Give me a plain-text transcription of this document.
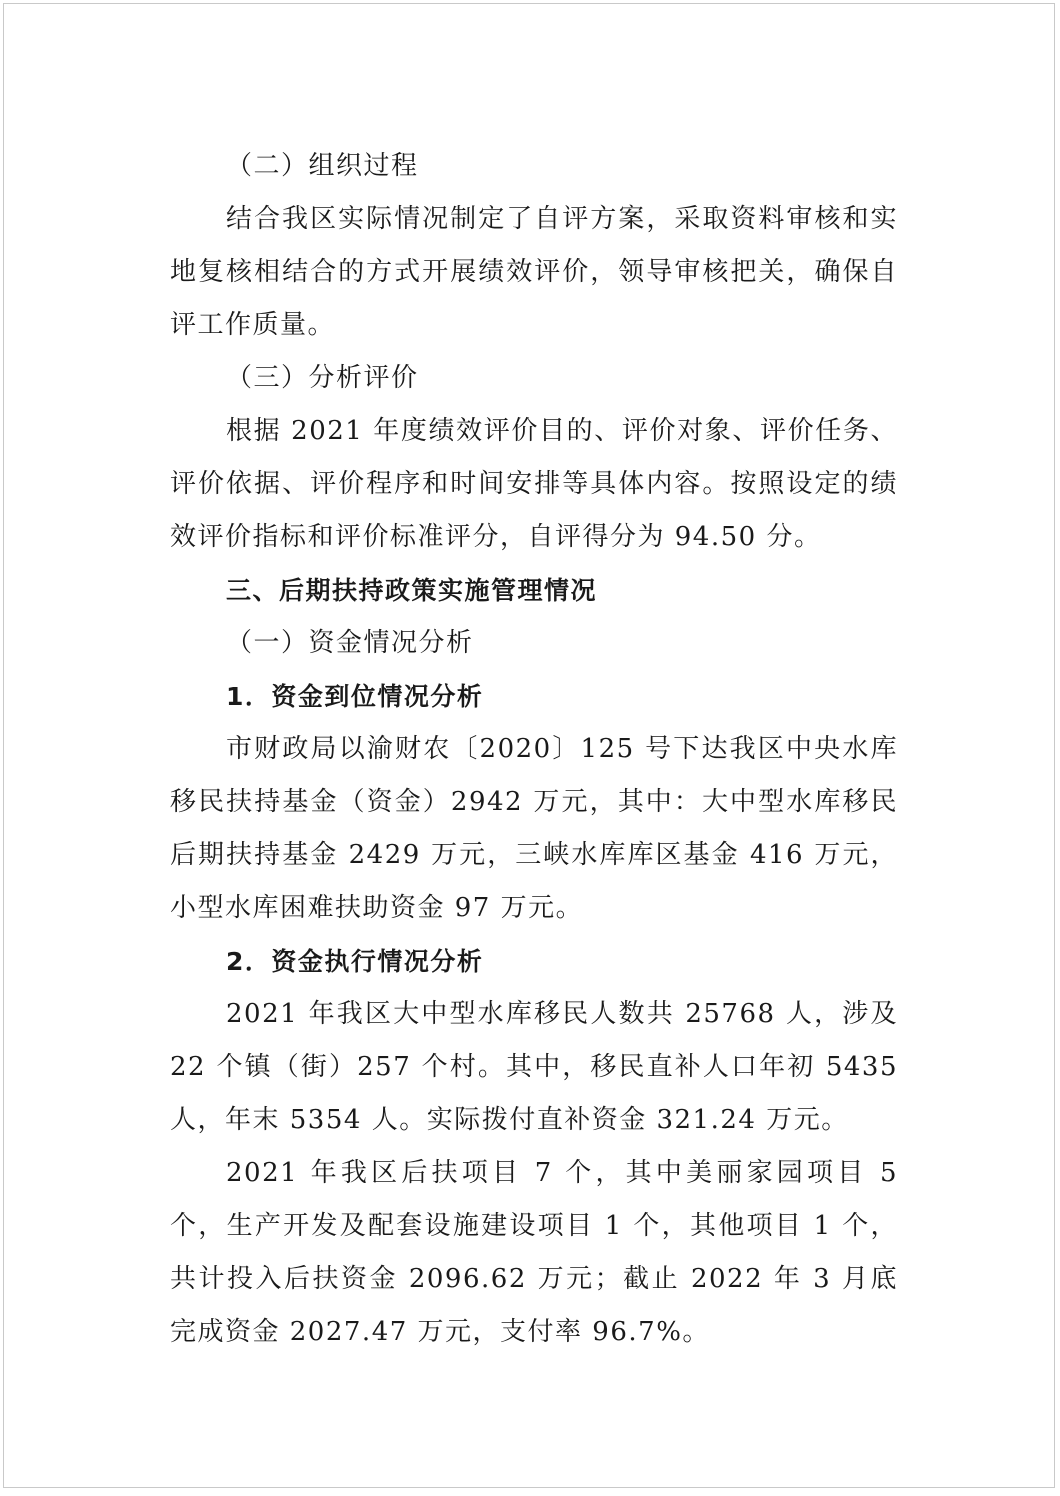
（二）组织过程

结合我区实际情况制定了自评方案，采取资料审核和实地复核相结合的方式开展绩效评价，领导审核把关，确保自评工作质量。

（三）分析评价

根据 2021 年度绩效评价目的、评价对象、评价任务、评价依据、评价程序和时间安排等具体内容。按照设定的绩效评价指标和评价标准评分，自评得分为 94.50 分。

三、后期扶持政策实施管理情况

（一）资金情况分析

1．资金到位情况分析

市财政局以渝财农〔2020〕125 号下达我区中央水库移民扶持基金（资金）2942 万元，其中：大中型水库移民后期扶持基金 2429 万元，三峡水库库区基金 416 万元，小型水库困难扶助资金 97 万元。

2．资金执行情况分析

2021 年我区大中型水库移民人数共 25768 人，涉及 22 个镇（街）257 个村。其中，移民直补人口年初 5435 人，年末 5354 人。实际拨付直补资金 321.24 万元。

2021 年我区后扶项目 7 个，其中美丽家园项目 5 个，生产开发及配套设施建设项目 1 个，其他项目 1 个，共计投入后扶资金 2096.62 万元；截止 2022 年 3 月底完成资金 2027.47 万元，支付率 96.7%。
